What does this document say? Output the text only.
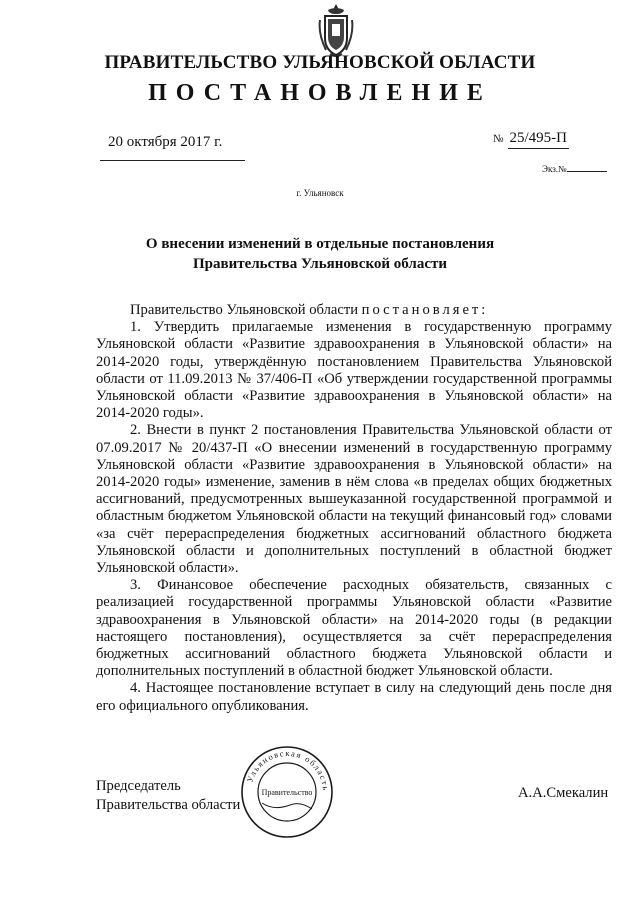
ПРАВИТЕЛЬСТВО УЛЬЯНОВСКОЙ ОБЛАСТИ
ПОСТАНОВЛЕНИЕ
20 октября 2017 г.	№ 25/495-П
Экз.№
г. Ульяновск
О внесении изменений в отдельные постановления
Правительства Ульяновской области

Правительство Ульяновской области постановляет:

1. Утвердить прилагаемые изменения в государственную программу Ульяновской области «Развитие здравоохранения в Ульяновской области» на 2014-2020 годы, утверждённую постановлением Правительства Ульяновской области от 11.09.2013 № 37/406-П «Об утверждении государственной программы Ульяновской области «Развитие здравоохранения в Ульяновской области» на 2014-2020 годы».

2. Внести в пункт 2 постановления Правительства Ульяновской области от 07.09.2017 № 20/437-П «О внесении изменений в государственную программу Ульяновской области «Развитие здравоохранения в Ульяновской области» на 2014-2020 годы» изменение, заменив в нём слова «в пределах общих бюджетных ассигнований, предусмотренных вышеуказанной государственной программой и областным бюджетом Ульяновской области на текущий финансовый год» словами «за счёт перераспределения бюджетных ассигнований областного бюджета Ульяновской области и дополнительных поступлений в областной бюджет Ульяновской области».

3. Финансовое обеспечение расходных обязательств, связанных с реализацией государственной программы Ульяновской области «Развитие здравоохранения в Ульяновской области» на 2014-2020 годы (в редакции настоящего постановления), осуществляется за счёт перераспределения бюджетных ассигнований областного бюджета Ульяновской области и дополнительных поступлений в областной бюджет Ульяновской области.

4. Настоящее постановление вступает в силу на следующий день после дня его официального опубликования.

Председатель
Правительства области
А.А.Смекалин
Ульяновская область
Правительство
